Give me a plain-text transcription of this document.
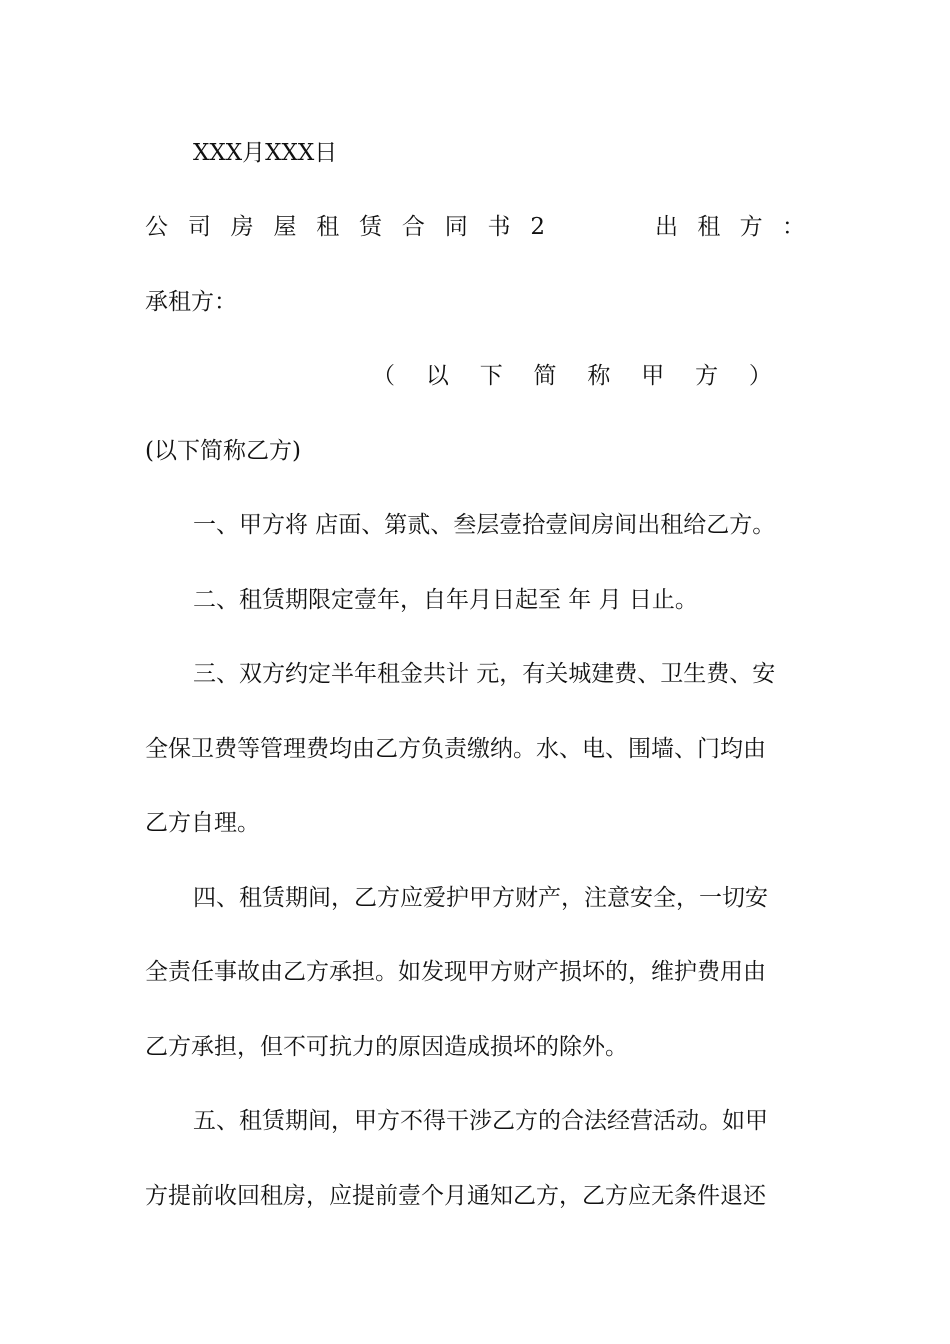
XXX月XXX日
公 司 房 屋 租 赁 合 同 书 2	出 租 方 ：
承租方：
（ 以 下 简 称 甲 方 ）
(以下简称乙方)
一、甲方将 店面、第贰、叁层壹拾壹间房间出租给乙方。
二、租赁期限定壹年，自年月日起至 年 月 日止。
三、双方约定半年租金共计 元，有关城建费、卫生费、安
全保卫费等管理费均由乙方负责缴纳。水、电、围墙、门均由
乙方自理。
四、租赁期间，乙方应爱护甲方财产，注意安全，一切安
全责任事故由乙方承担。如发现甲方财产损坏的，维护费用由
乙方承担，但不可抗力的原因造成损坏的除外。
五、租赁期间，甲方不得干涉乙方的合法经营活动。如甲
方提前收回租房，应提前壹个月通知乙方，乙方应无条件退还
